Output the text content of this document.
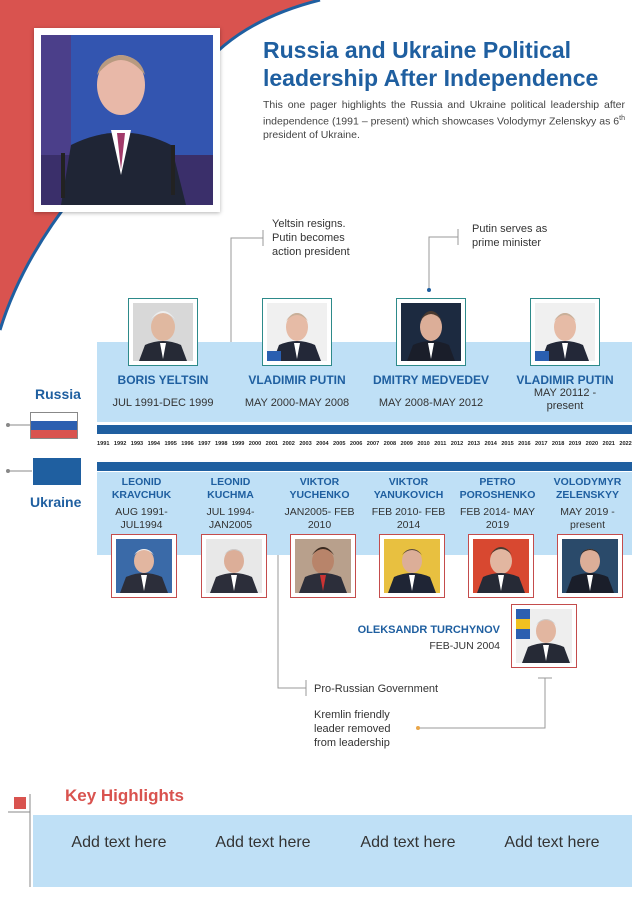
Russia and Ukraine Political leadership After Independence
This one pager highlights the Russia and Ukraine political leadership after independence (1991 – present) which showcases Volodymyr Zelenskyy as 6th president of Ukraine.
Yeltsin resigns. Putin becomes action president
Putin serves as prime minister
Russia
BORIS YELTSIN
JUL 1991-DEC 1999
VLADIMIR PUTIN
MAY 2000-MAY 2008
DMITRY MEDVEDEV
MAY 2008-MAY 2012
VLADIMIR PUTIN
MAY 20112 -present
1991 1992 1993 1994 1995 1996 1997 1998 1999 2000 2001 2002 2003 2004 2005 2006 2007 2008 2009 2010 2011 2012 2013 2014 2015 2016 2017 2018 2019 2020 2021 2022
Ukraine
LEONID KRAVCHUK
AUG 1991- JUL1994
LEONID KUCHMA
JUL 1994- JAN2005
VIKTOR YUCHENKO
JAN2005- FEB 2010
VIKTOR YANUKOVICH
FEB 2010- FEB 2014
PETRO POROSHENKO
FEB 2014- MAY 2019
VOLODYMYR ZELENSKYY
MAY 2019 -present
OLEKSANDR TURCHYNOV
FEB-JUN 2004
Pro-Russian Government
Kremlin friendly leader removed from leadership
Key Highlights
Add text here	Add text here	Add text here	Add text here
